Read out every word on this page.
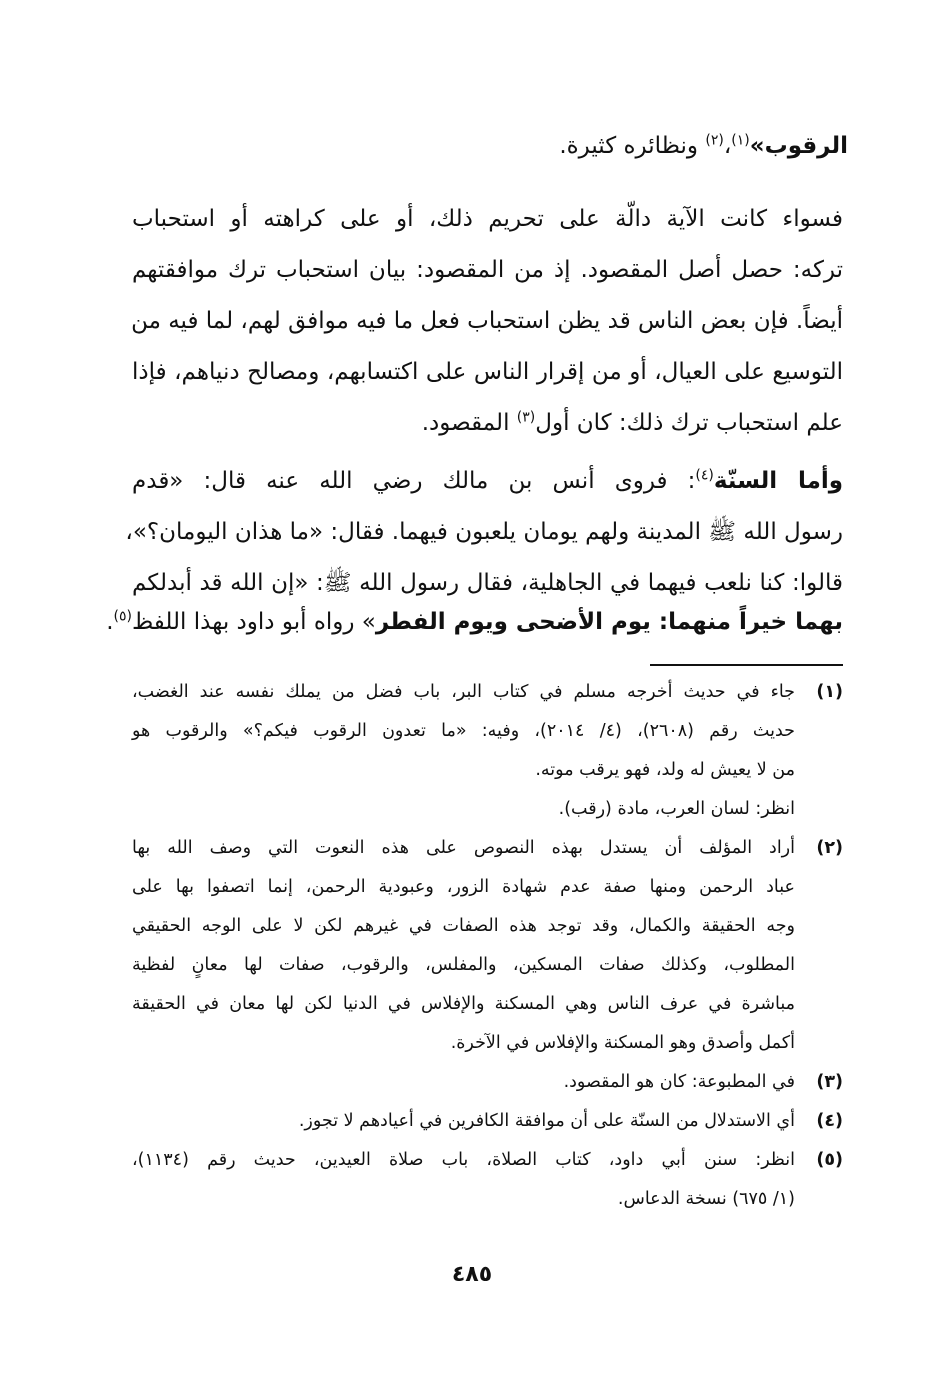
الرقوب»$^{(١)}$،$^{(٢)}$ ونظائره كثيرة.

فسواء كانت الآية دالّة على تحريم ذلك، أو على كراهته أو استحباب

تركه: حصل أصل المقصود. إذ من المقصود: بيان استحباب ترك موافقتهم

أيضاً. فإن بعض الناس قد يظن استحباب فعل ما فيه موافق لهم، لما فيه من

التوسيع على العيال، أو من إقرار الناس على اكتسابهم، ومصالح دنياهم، فإذا

علم استحباب ترك ذلك: كان أول$^{(٣)}$ المقصود.

وأما السنّة$^{(٤)}$: فروى أنس بن مالك رضي الله عنه قال: «قدم

رسول الله ﷺ المدينة ولهم يومان يلعبون فيهما. فقال: «ما هذان اليومان؟»،

قالوا: كنا نلعب فيهما في الجاهلية، فقال رسول الله ﷺ: «إن الله قد أبدلكم

بهما خيراً منهما: يوم الأضحى ويوم الفطر» رواه أبو داود بهذا اللفظ$^{(٥)}$.

(١)

جاء في حديث أخرجه مسلم في كتاب البر، باب فضل من يملك نفسه عند الغضب،

حديث رقم (٢٦٠٨)، (٤/ ٢٠١٤)، وفيه: «ما تعدون الرقوب فيكم؟» والرقوب هو

من لا يعيش له ولد، فهو يرقب موته.

انظر: لسان العرب، مادة (رقب).

(٢)

أراد المؤلف أن يستدل بهذه النصوص على هذه النعوت التي وصف الله بها

عباد الرحمن ومنها صفة عدم شهادة الزور، وعبودية الرحمن، إنما اتصفوا بها على

وجه الحقيقة والكمال، وقد توجد هذه الصفات في غيرهم لكن لا على الوجه الحقيقي

المطلوب، وكذلك صفات المسكين، والمفلس، والرقوب، صفات لها معانٍ لفظية

مباشرة في عرف الناس وهي المسكنة والإفلاس في الدنيا لكن لها معان في الحقيقة

أكمل وأصدق وهو المسكنة والإفلاس في الآخرة.

(٣)

في المطبوعة: كان هو المقصود.

(٤)

أي الاستدلال من السنّة على أن موافقة الكافرين في أعيادهم لا تجوز.

(٥)

انظر: سنن أبي داود، كتاب الصلاة، باب صلاة العيدين، حديث رقم (١١٣٤)،

(١/ ٦٧٥) نسخة الدعاس.

٤٨٥
